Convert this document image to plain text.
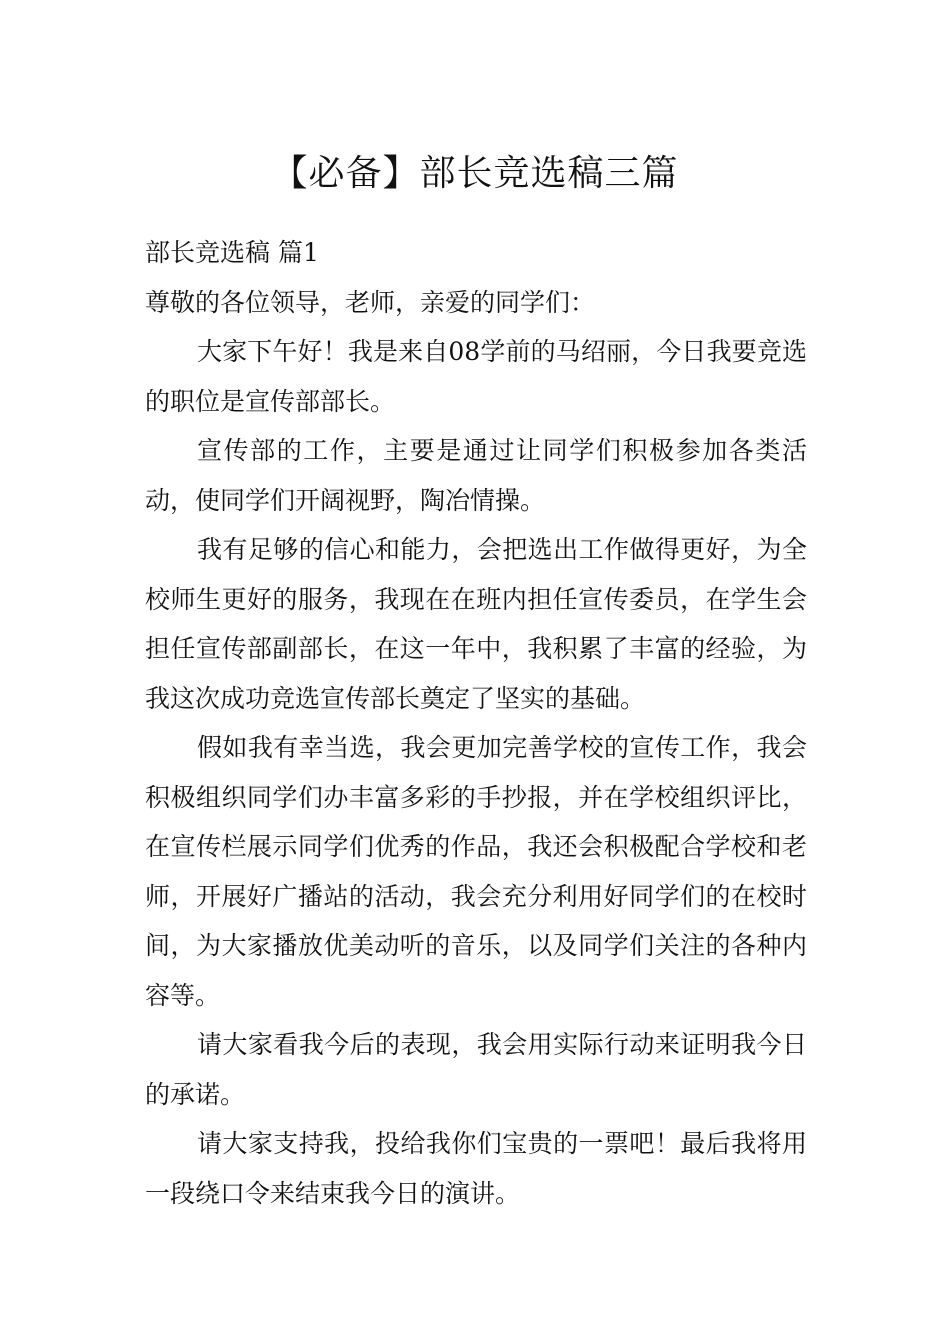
【必备】部长竞选稿三篇

部长竞选稿 篇1

尊敬的各位领导，老师，亲爱的同学们：

大家下午好！我是来自08学前的马绍丽，今日我要竞选的职位是宣传部部长。

宣传部的工作，主要是通过让同学们积极参加各类活动，使同学们开阔视野，陶冶情操。

我有足够的信心和能力，会把选出工作做得更好，为全校师生更好的服务，我现在在班内担任宣传委员，在学生会担任宣传部副部长，在这一年中，我积累了丰富的经验，为我这次成功竞选宣传部长奠定了坚实的基础。

假如我有幸当选，我会更加完善学校的宣传工作，我会积极组织同学们办丰富多彩的手抄报，并在学校组织评比，在宣传栏展示同学们优秀的作品，我还会积极配合学校和老师，开展好广播站的活动，我会充分利用好同学们的在校时间，为大家播放优美动听的音乐，以及同学们关注的各种内容等。

请大家看我今后的表现，我会用实际行动来证明我今日的承诺。

请大家支持我，投给我你们宝贵的一票吧！最后我将用一段绕口令来结束我今日的演讲。
